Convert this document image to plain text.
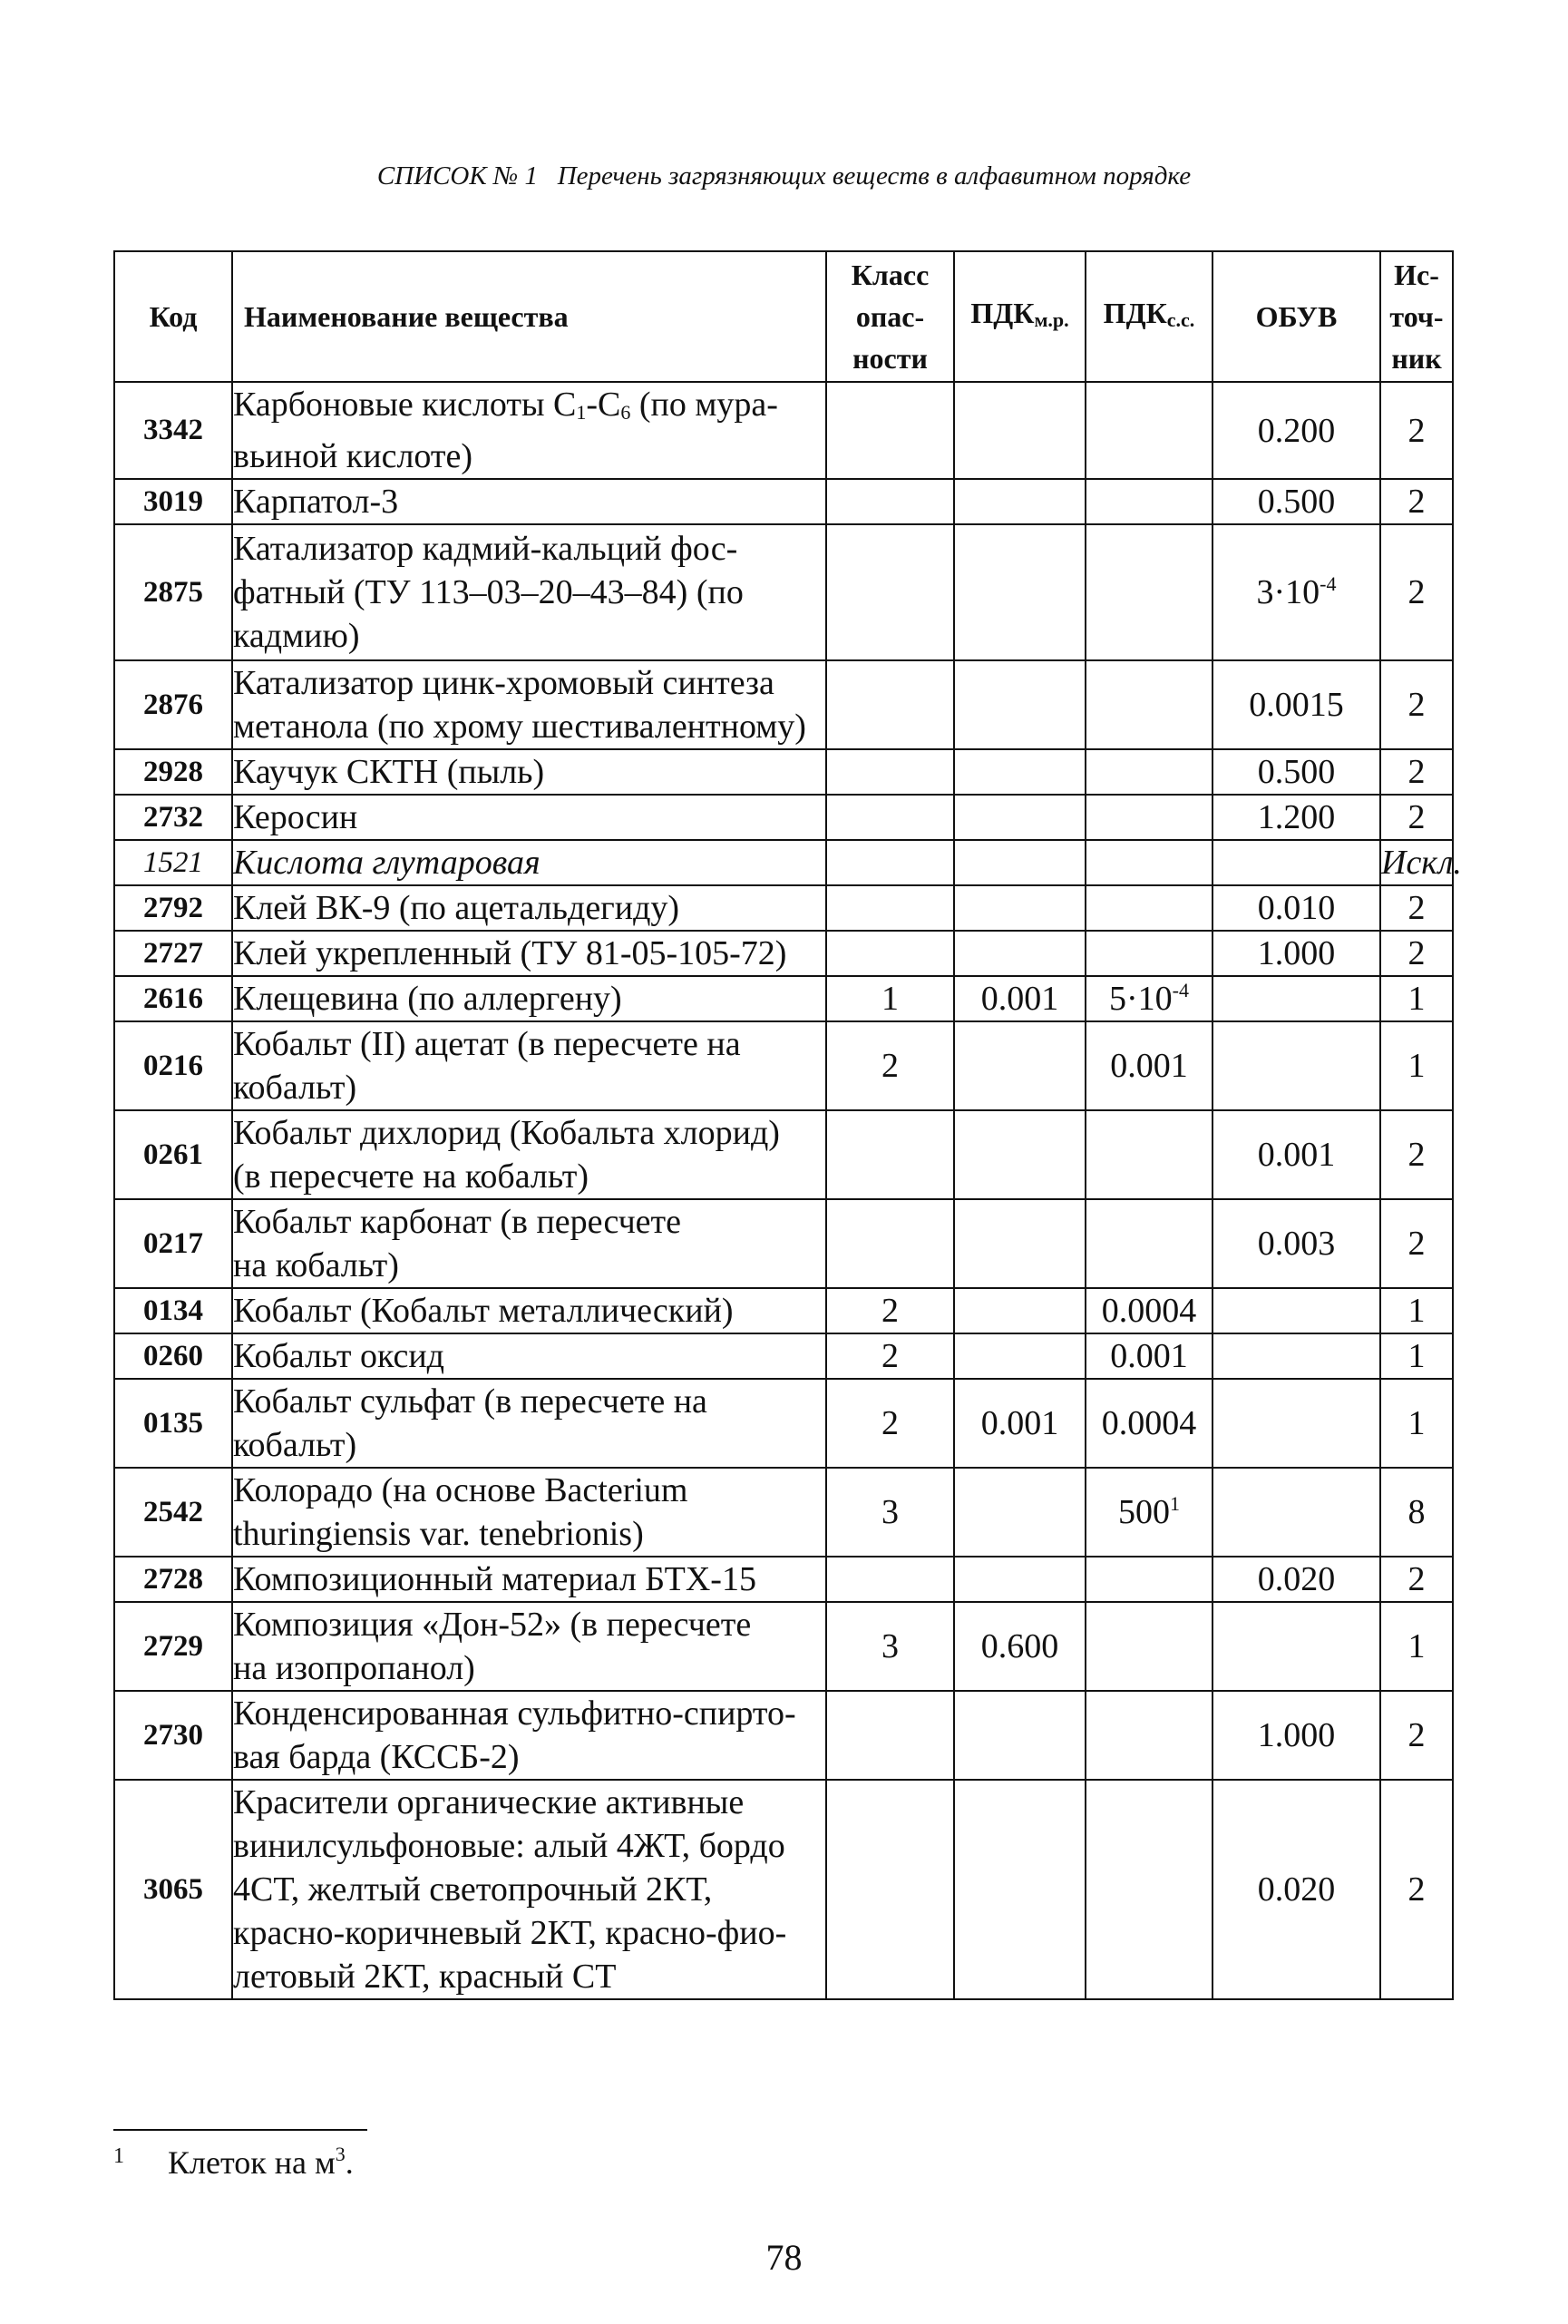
СПИСОК № 1 Перечень загрязняющих веществ в алфавитном порядке
Код	Наименование вещества	Класс
опас-
ности	ПДКм.р.	ПДКс.с.	ОБУВ	Ис-
точ-
ник
3342	Карбоновые кислоты C1-C6 (по мура-
вьиной кислоте)				0.200	2
3019	Карпатол-3				0.500	2
2875	Катализатор кадмий-кальций фос-
фатный (ТУ 113–03–20–43–84) (по
кадмию)				$3\cdot 10^{-4}$	2
2876	Катализатор цинк-хромовый синтеза
метанола (по хрому шестивалентному)				0.0015	2
2928	Каучук СКТН (пыль)				0.500	2
2732	Керосин				1.200	2
1521	Кислота глутаровая					Искл.
2792	Клей ВК-9 (по ацетальдегиду)				0.010	2
2727	Клей укрепленный (ТУ 81-05-105-72)				1.000	2
2616	Клещевина (по аллергену)	1	0.001	$5\cdot 10^{-4}$		1
0216	Кобальт (II) ацетат (в пересчете на
кобальт)	2		0.001		1
0261	Кобальт дихлорид (Кобальта хлорид)
(в пересчете на кобальт)				0.001	2
0217	Кобальт карбонат (в пересчете
на кобальт)				0.003	2
0134	Кобальт (Кобальт металлический)	2		0.0004		1
0260	Кобальт оксид	2		0.001		1
0135	Кобальт сульфат (в пересчете на
кобальт)	2	0.001	0.0004		1
2542	Колорадо (на основе Bacterium
thuringiensis var. tenebrionis)	3		$500^1$		8
2728	Композиционный материал БТХ-15				0.020	2
2729	Композиция «Дон-52» (в пересчете
на изопропанол)	3	0.600			1
2730	Конденсированная сульфитно-спирто-
вая барда (КССБ-2)				1.000	2
3065	Красители органические активные
винилсульфоновые: алый 4ЖТ, бордо
4СТ, желтый светопрочный 2КТ,
красно-коричневый 2КТ, красно-фио-
летовый 2КТ, красный СТ				0.020	2
$^1$ Клеток на $м^3$.
78
